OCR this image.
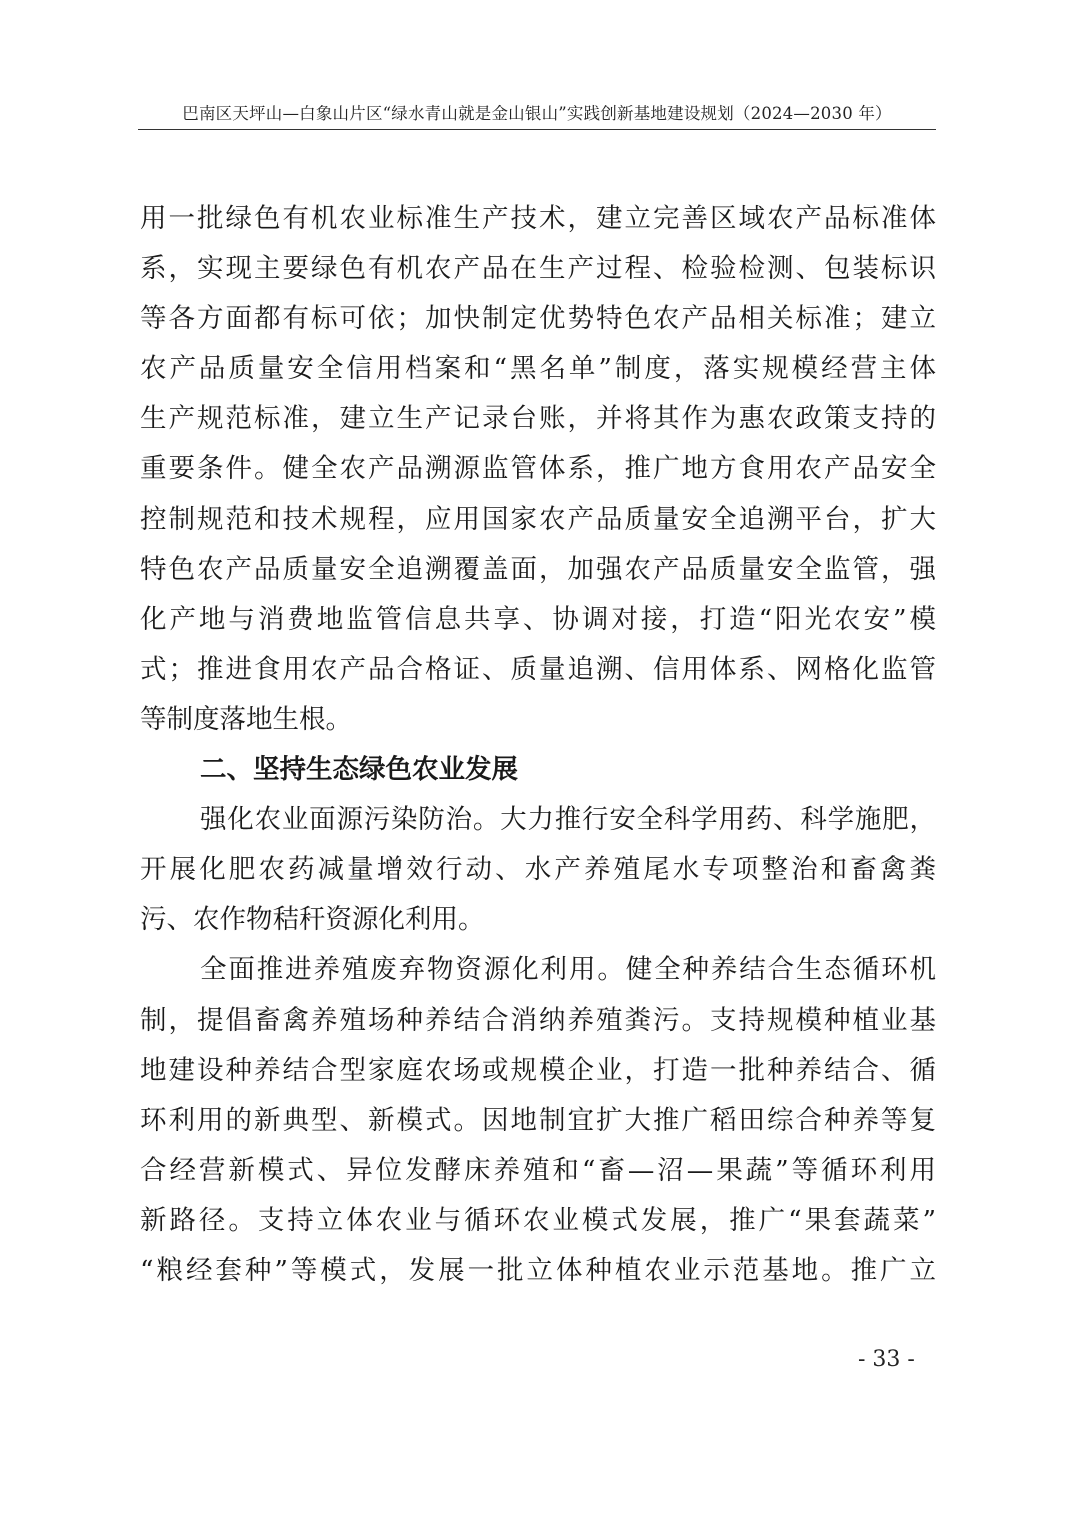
巴南区天坪山—白象山片区“绿水青山就是金山银山”实践创新基地建设规划（2024—2030 年）
用一批绿色有机农业标准生产技术，建立完善区域农产品标准体
系，实现主要绿色有机农产品在生产过程、检验检测、包装标识
等各方面都有标可依；加快制定优势特色农产品相关标准；建立
农产品质量安全信用档案和“黑名单”制度，落实规模经营主体
生产规范标准，建立生产记录台账，并将其作为惠农政策支持的
重要条件。健全农产品溯源监管体系，推广地方食用农产品安全
控制规范和技术规程，应用国家农产品质量安全追溯平台，扩大
特色农产品质量安全追溯覆盖面，加强农产品质量安全监管，强
化产地与消费地监管信息共享、协调对接，打造“阳光农安”模
式；推进食用农产品合格证、质量追溯、信用体系、网格化监管
等制度落地生根。
二、坚持生态绿色农业发展
强化农业面源污染防治。大力推行安全科学用药、科学施肥，
开展化肥农药减量增效行动、水产养殖尾水专项整治和畜禽粪
污、农作物秸秆资源化利用。
全面推进养殖废弃物资源化利用。健全种养结合生态循环机
制，提倡畜禽养殖场种养结合消纳养殖粪污。支持规模种植业基
地建设种养结合型家庭农场或规模企业，打造一批种养结合、循
环利用的新典型、新模式。因地制宜扩大推广稻田综合种养等复
合经营新模式、异位发酵床养殖和“畜—沼—果蔬”等循环利用
新路径。支持立体农业与循环农业模式发展，推广“果套蔬菜”
“粮经套种”等模式，发展一批立体种植农业示范基地。推广立
- 33 -
